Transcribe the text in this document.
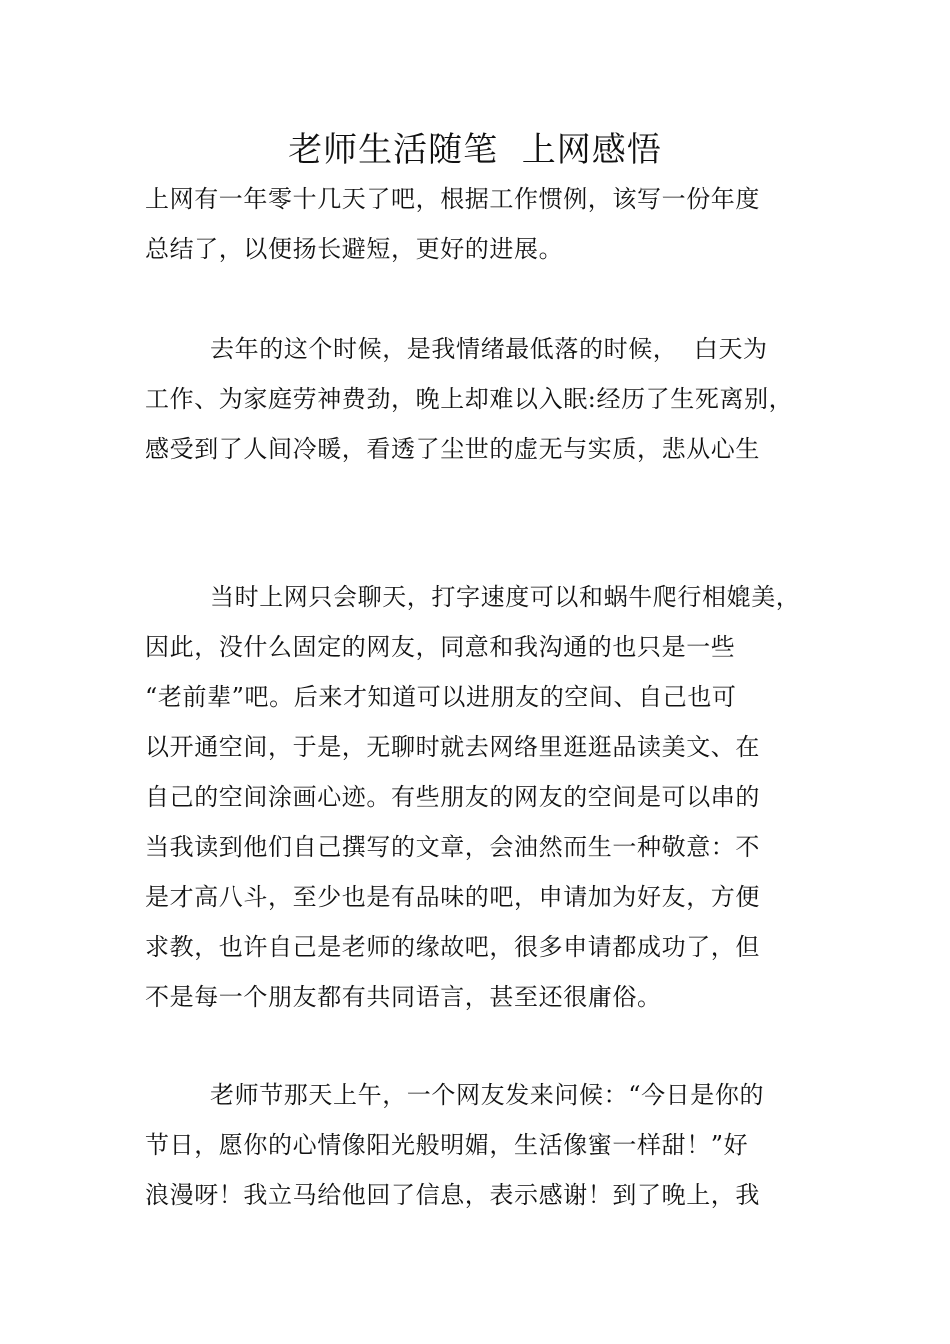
老师生活随笔  上网感悟
上网有一年零十几天了吧，根据工作惯例，该写一份年度
总结了，以便扬长避短，更好的进展。
去年的这个时候，是我情绪最低落的时候，  白天为
工作、为家庭劳神费劲，晚上却难以入眠:经历了生死离别，
感受到了人间冷暖，看透了尘世的虚无与实质，悲从心生
当时上网只会聊天，打字速度可以和蜗牛爬行相媲美，
因此，没什么固定的网友，同意和我沟通的也只是一些
“老前辈”吧。后来才知道可以进朋友的空间、自己也可
以开通空间，于是，无聊时就去网络里逛逛品读美文、在
自己的空间涂画心迹。有些朋友的网友的空间是可以串的
当我读到他们自己撰写的文章，会油然而生一种敬意：不
是才高八斗，至少也是有品味的吧，申请加为好友，方便
求教，也许自己是老师的缘故吧，很多申请都成功了，但
不是每一个朋友都有共同语言，甚至还很庸俗。
老师节那天上午，一个网友发来问候：“今日是你的
节日，愿你的心情像阳光般明媚，生活像蜜一样甜！”好
浪漫呀！我立马给他回了信息，表示感谢！到了晚上，我
